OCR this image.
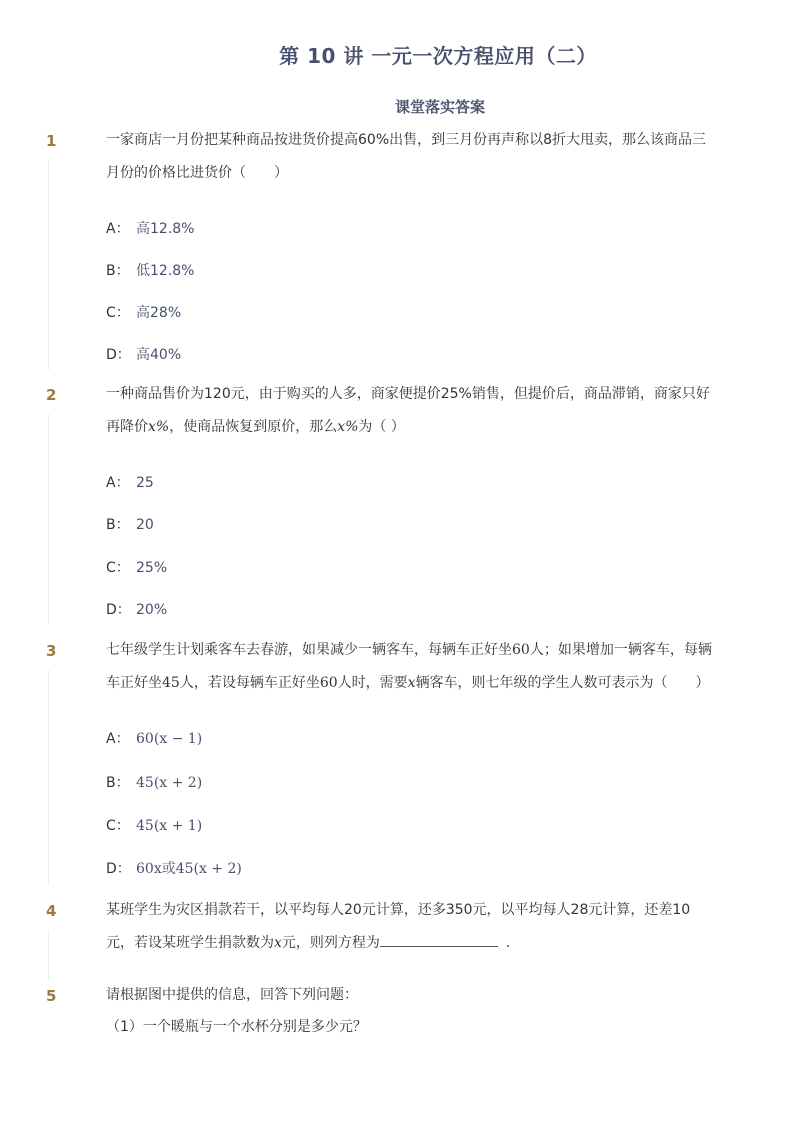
第 10 讲 一元一次方程应用（二）
课堂落实答案
1	一家商店一月份把某种商品按进货价提高60%出售，到三月份再声称以8折大甩卖，那么该商品三月份的价格比进货价（　　）
A： 高12.8%
B： 低12.8%
C： 高28%
D： 高40%
2	一种商品售价为120元，由于购买的人多，商家便提价25%销售，但提价后，商品滞销，商家只好再降价x%，使商品恢复到原价，那么x%为（ ）
A： 25
B： 20
C： 25%
D： 20%
3	七年级学生计划乘客车去春游，如果减少一辆客车，每辆车正好坐60人；如果增加一辆客车，每辆车正好坐45人，若设每辆车正好坐60人时，需要x辆客车，则七年级的学生人数可表示为（　　）
A： 60(x − 1)
B： 45(x + 2)
C： 45(x + 1)
D： 60x或45(x + 2)
4	某班学生为灾区捐款若干，以平均每人20元计算，还多350元，以平均每人28元计算，还差10元，若设某班学生捐款数为x元，则列方程为	.
5	请根据图中提供的信息，回答下列问题：
（1）一个暖瓶与一个水杯分别是多少元？
